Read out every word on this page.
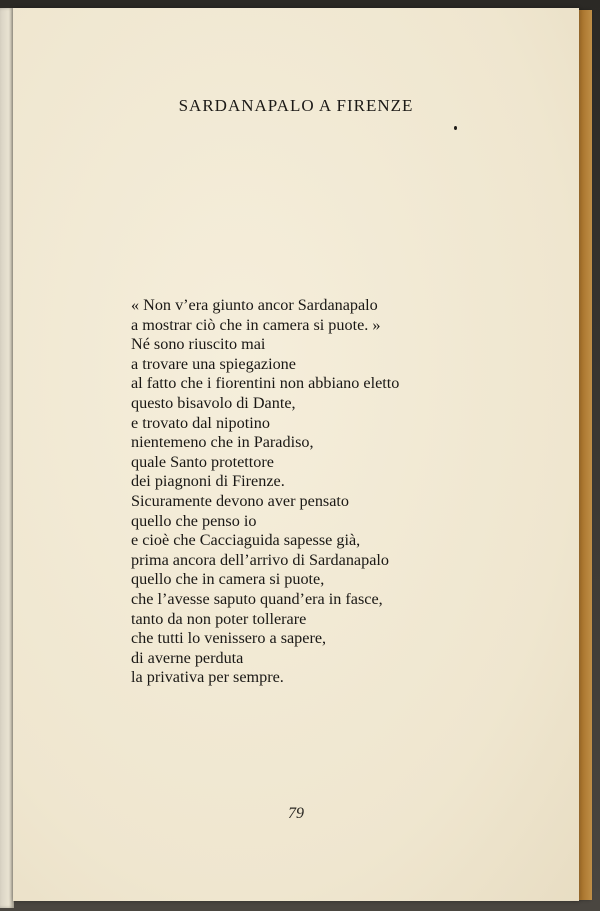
SARDANAPALO A FIRENZE
« Non v’era giunto ancor Sardanapalo
a mostrar ciò che in camera si puote. »
Né sono riuscito mai
a trovare una spiegazione
al fatto che i fiorentini non abbiano eletto
questo bisavolo di Dante,
e trovato dal nipotino
nientemeno che in Paradiso,
quale Santo protettore
dei piagnoni di Firenze.
Sicuramente devono aver pensato
quello che penso io
e cioè che Cacciaguida sapesse già,
prima ancora dell’arrivo di Sardanapalo
quello che in camera si puote,
che l’avesse saputo quand’era in fasce,
tanto da non poter tollerare
che tutti lo venissero a sapere,
di averne perduta
la privativa per sempre.
79
